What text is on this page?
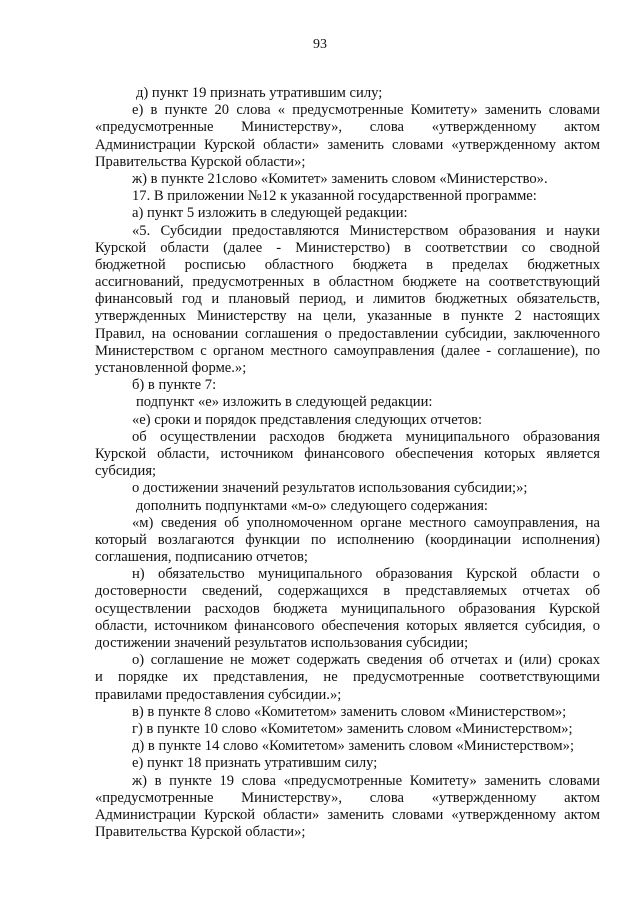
93
д) пункт 19 признать утратившим силу;
е) в пункте 20 слова « предусмотренные Комитету» заменить словами
«предусмотренные Министерству», слова «утвержденному актом
Администрации Курской области» заменить словами «утвержденному актом
Правительства Курской области»;
ж) в пункте 21слово «Комитет» заменить словом «Министерство».
17. В приложении №12 к указанной государственной программе:
а) пункт 5 изложить в следующей редакции:
«5. Субсидии предоставляются Министерством образования и науки
Курской области (далее - Министерство) в соответствии со сводной
бюджетной росписью областного бюджета в пределах бюджетных
ассигнований, предусмотренных в областном бюджете на соответствующий
финансовый год и плановый период, и лимитов бюджетных обязательств,
утвержденных Министерству на цели, указанные в пункте 2 настоящих
Правил, на основании соглашения о предоставлении субсидии, заключенного
Министерством с органом местного самоуправления (далее - соглашение), по
установленной форме.»;
б) в пункте 7:
подпункт «е» изложить в следующей редакции:
«е) сроки и порядок представления следующих отчетов:
об осуществлении расходов бюджета муниципального образования
Курской области, источником финансового обеспечения которых является
субсидия;
о достижении значений результатов использования субсидии;»;
дополнить подпунктами «м-о» следующего содержания:
«м) сведения об уполномоченном органе местного самоуправления, на
который возлагаются функции по исполнению (координации исполнения)
соглашения, подписанию отчетов;
н) обязательство муниципального образования Курской области о
достоверности сведений, содержащихся в представляемых отчетах об
осуществлении расходов бюджета муниципального образования Курской
области, источником финансового обеспечения которых является субсидия, о
достижении значений результатов использования субсидии;
о) соглашение не может содержать сведения об отчетах и (или) сроках
и порядке их представления, не предусмотренные соответствующими
правилами предоставления субсидии.»;
в) в пункте 8 слово «Комитетом» заменить словом «Министерством»;
г) в пункте 10 слово «Комитетом» заменить словом «Министерством»;
д) в пункте 14 слово «Комитетом» заменить словом «Министерством»;
е) пункт 18 признать утратившим силу;
ж) в пункте 19 слова «предусмотренные Комитету» заменить словами
«предусмотренные Министерству», слова «утвержденному актом
Администрации Курской области» заменить словами «утвержденному актом
Правительства Курской области»;
